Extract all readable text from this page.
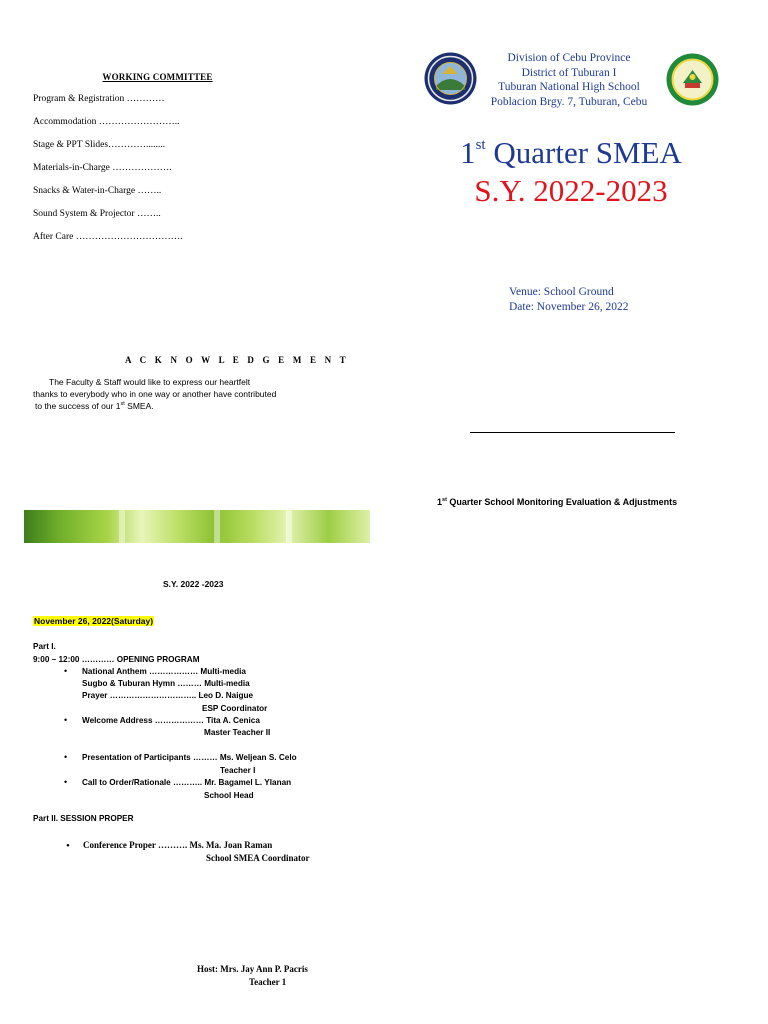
WORKING COMMITTEE
Program & Registration …………
Accommodation ……………………..
Stage & PPT Slides…………........
Materials-in-Charge ……………….
Snacks & Water-in-Charge ……..
Sound System & Projector ……..
After Care …………………………….
A C K N O W L E D G E M E N T
The Faculty & Staff would like to express our heartfelt
thanks to everybody who in one way or another have contributed
to the success of our 1st SMEA.
S.Y. 2022 -2023
November 26, 2022(Saturday)
Part I.
9:00 – 12:00 ………… OPENING PROGRAM
• National Anthem ……………… Multi-media
Sugbo & Tuburan Hymn ……… Multi-media
Prayer ………………………….. Leo D. Naigue
ESP Coordinator
• Welcome Address ……………… Tita A. Cenica
Master Teacher II
• Presentation of Participants ……… Ms. Weljean S. Celo
Teacher I
• Call to Order/Rationale ……….. Mr. Bagamel L. Ylanan
School Head
Part II. SESSION PROPER
• Conference Proper ………. Ms. Ma. Joan Raman
School SMEA Coordinator
Host: Mrs. Jay Ann P. Pacris
Teacher 1
Division of Cebu Province
District of Tuburan I
Tuburan National High School
Poblacion Brgy. 7, Tuburan, Cebu
1st Quarter SMEA
S.Y. 2022-2023
Venue: School Ground
Date: November 26, 2022
1st Quarter School Monitoring Evaluation & Adjustments
